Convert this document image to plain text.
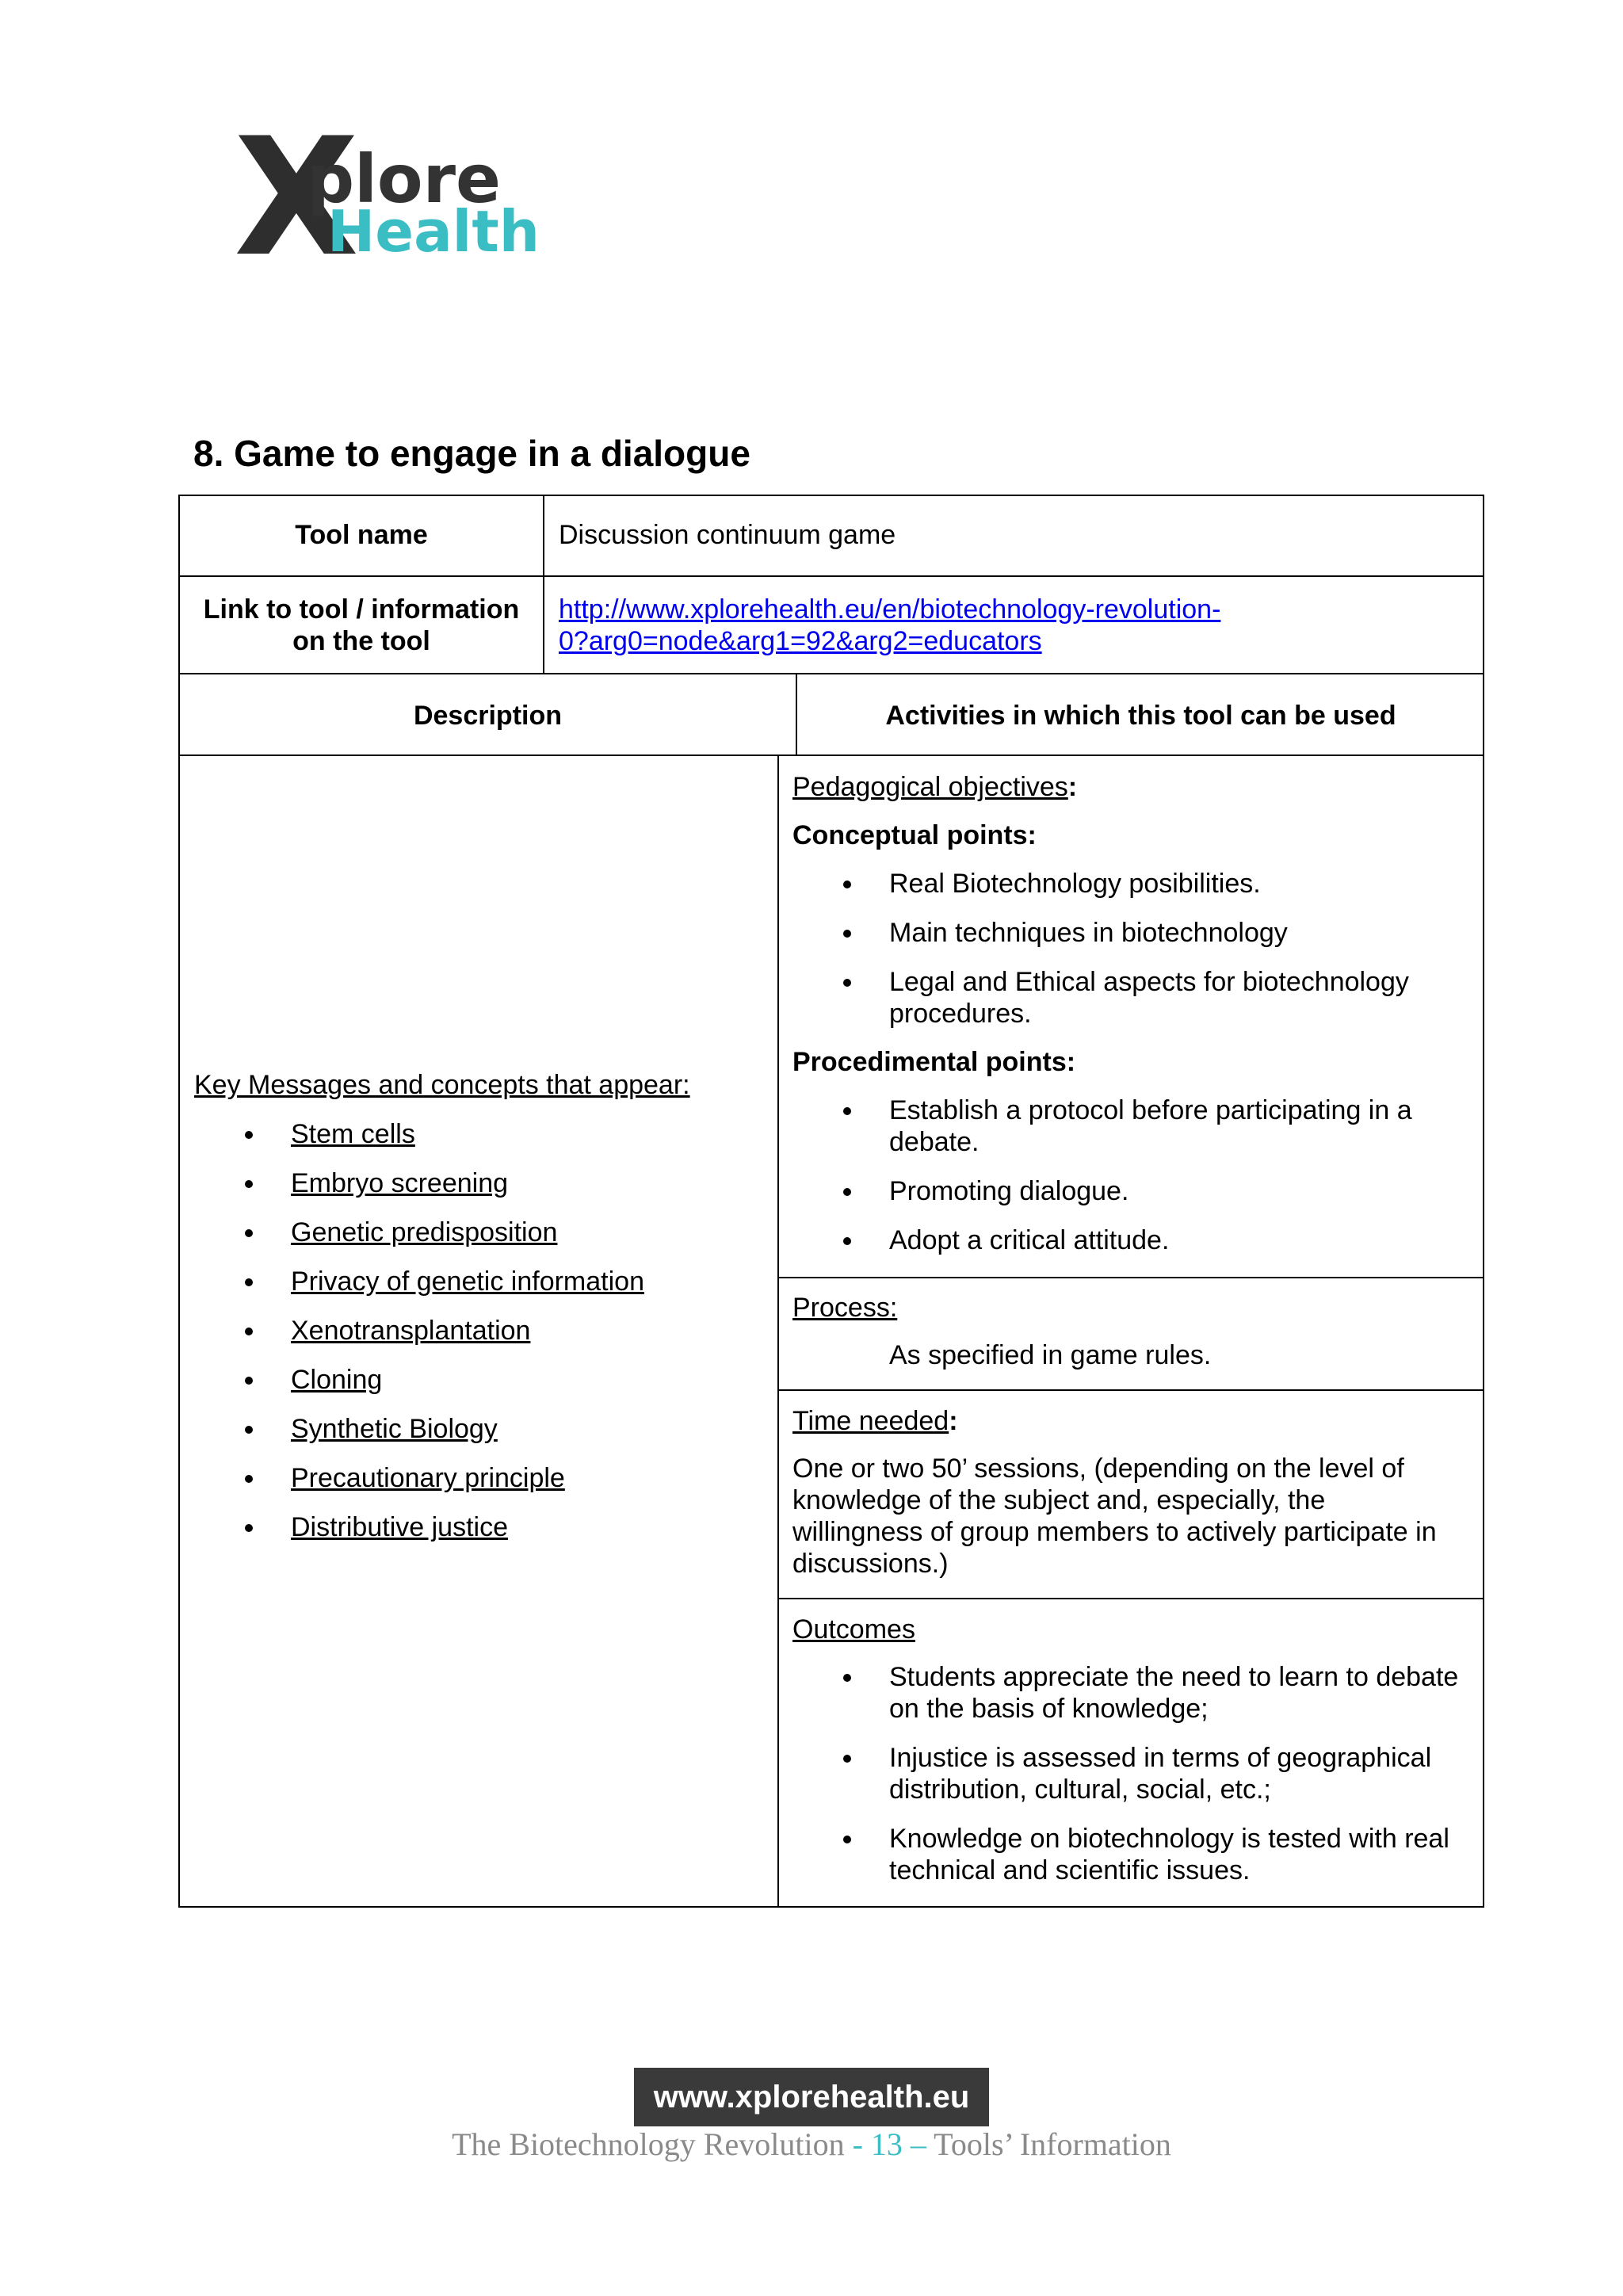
X
plore
Health
8. Game to engage in a dialogue
Tool name	Discussion continuum game
Link to tool / information
on the tool
http://www.xplorehealth.eu/en/biotechnology-revolution-
0?arg0=node&arg1=92&arg2=educators
Description	Activities in which this tool can be used
Key Messages and concepts that appear:
Stem cells
Embryo screening
Genetic predisposition
Privacy of genetic information
Xenotransplantation
Cloning
Synthetic Biology
Precautionary principle
Distributive justice
Pedagogical objectives:
Conceptual points:
Real Biotechnology posibilities.
Main techniques in biotechnology
Legal and Ethical aspects for biotechnology
procedures.
Procedimental points:
Establish a protocol before participating in a
debate.
Promoting dialogue.
Adopt a critical attitude.
Process:
As specified in game rules.
Time needed:
One or two 50’ sessions, (depending on the level of
knowledge of the subject and, especially, the
willingness of group members to actively participate in
discussions.)
Outcomes
Students appreciate the need to learn to debate
on the basis of knowledge;
Injustice is assessed in terms of geographical
distribution, cultural, social, etc.;
Knowledge on biotechnology is tested with real
technical and scientific issues.
www.xplorehealth.eu
The Biotechnology Revolution - 13 – Tools’ Information
